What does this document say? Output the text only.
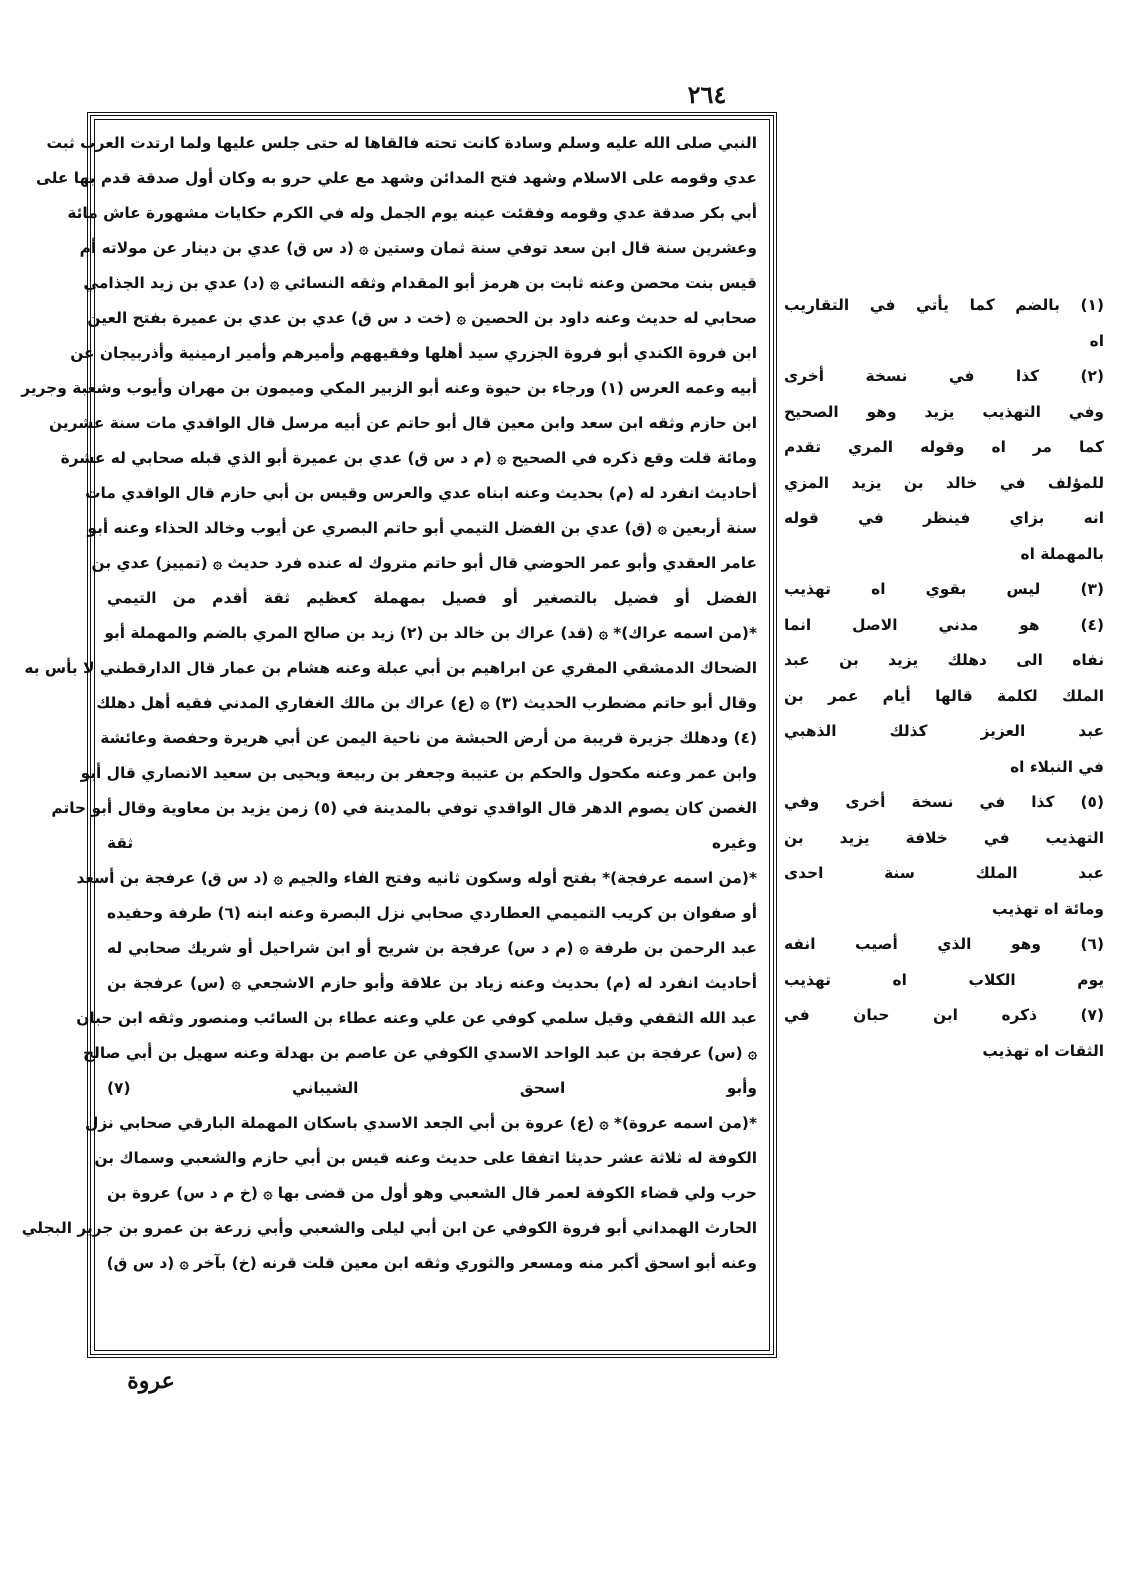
٢٦٤
النبي صلى الله عليه وسلم وسادة كانت تحته فالقاها له حتى جلس عليها ولما ارتدت العرب ثبت
عدي وقومه على الاسلام وشهد فتح المدائن وشهد مع علي حرو به وكان أول صدقة قدم بها على
أبي بكر صدقة عدي وقومه وفقئت عينه يوم الجمل وله في الكرم حكايات مشهورة عاش مائة
وعشرين سنة قال ابن سعد توفي سنة ثمان وستين ۞ (د س ق) عدي بن دينار عن مولاته أم
قيس بنت محصن وعنه ثابت بن هرمز أبو المقدام وثقه النسائي ۞ (د) عدي بن زيد الجذامي
صحابي له حديث وعنه داود بن الحصين ۞ (خت د س ق) عدي بن عدي بن عميرة بفتح العين
ابن فروة الكندي أبو فروة الجزري سيد أهلها وفقيههم وأميرهم وأمير ارمينية وأذربيجان عن
أبيه وعمه العرس (١) ورجاء بن حيوة وعنه أبو الزبير المكي وميمون بن مهران وأيوب وشعبة وجرير
ابن حازم وثقه ابن سعد وابن معين قال أبو حاتم عن أبيه مرسل قال الواقدي مات سنة عشرين
ومائة قلت وقع ذكره في الصحيح ۞ (م د س ق) عدي بن عميرة أبو الذي قبله صحابي له عشرة
أحاديث انفرد له (م) بحديث وعنه ابناه عدي والعرس وقيس بن أبي حازم قال الواقدي مات
سنة أربعين ۞ (ق) عدي بن الفضل التيمي أبو حاتم البصري عن أيوب وخالد الحذاء وعنه أبو
عامر العقدي وأبو عمر الحوضي قال أبو حاتم متروك له عنده فرد حديث ۞ (تمييز) عدي بن
الفضل أو فضيل بالتصغير أو فصيل بمهملة كعظيم ثقة أقدم من التيمي
*(من اسمه عراك)* ۞ (قد) عراك بن خالد بن (٢) زيد بن صالح المري بالضم والمهملة أبو
الضحاك الدمشقي المقري عن ابراهيم بن أبي عبلة وعنه هشام بن عمار قال الدارقطني لا بأس به
وقال أبو حاتم مضطرب الحديث (٣) ۞ (ع) عراك بن مالك الغفاري المدني فقيه أهل دهلك
(٤) ودهلك جزيرة قريبة من أرض الحبشة من ناحية اليمن عن أبي هريرة وحفصة وعائشة
وابن عمر وعنه مكحول والحكم بن عتيبة وجعفر بن ربيعة ويحيى بن سعيد الانصاري قال أبو
الغصن كان يصوم الدهر قال الواقدي توفي بالمدينة في (٥) زمن يزيد بن معاوية وقال أبو حاتم
وغيره ثقة
*(من اسمه عرفجة)* بفتح أوله وسكون ثانيه وفتح الفاء والجيم ۞ (د س ق) عرفجة بن أسعد
أو صفوان بن كريب التميمي العطاردي صحابي نزل البصرة وعنه ابنه (٦) طرفة وحفيده
عبد الرحمن بن طرفة ۞ (م د س) عرفجة بن شريح أو ابن شراحيل أو شريك صحابي له
أحاديث انفرد له (م) بحديث وعنه زياد بن علاقة وأبو حازم الاشجعي ۞ (س) عرفجة بن
عبد الله الثقفي وقيل سلمي كوفي عن علي وعنه عطاء بن السائب ومنصور وثقه ابن حبان
۞ (س) عرفجة بن عبد الواحد الاسدي الكوفي عن عاصم بن بهدلة وعنه سهيل بن أبي صالح
وأبو اسحق الشيباني (٧)
*(من اسمه عروة)* ۞ (ع) عروة بن أبي الجعد الاسدي باسكان المهملة البارقي صحابي نزل
الكوفة له ثلاثة عشر حديثا اتفقا على حديث وعنه قيس بن أبي حازم والشعبي وسماك بن
حرب ولي قضاء الكوفة لعمر قال الشعبي وهو أول من قضى بها ۞ (خ م د س) عروة بن
الحارث الهمداني أبو فروة الكوفي عن ابن أبي ليلى والشعبي وأبي زرعة بن عمرو بن جرير البجلي
وعنه أبو اسحق أكبر منه ومسعر والثوري وثقه ابن معين قلت قرنه (خ) بآخر ۞ (د س ق)
(١) بالضم كما يأتي في التقاريب
اه
(٢) كذا في نسخة أخرى
وفي التهذيب يزيد وهو الصحيح
كما مر اه وقوله المري تقدم
للمؤلف في خالد بن يزيد المزي
انه بزاي فينظر في قوله
بالمهملة اه
(٣) ليس بقوي اه تهذيب
(٤) هو مدني الاصل انما
نفاه الى دهلك يزيد بن عبد
الملك لكلمة قالها أيام عمر بن
عبد العزيز كذلك الذهبي
في النبلاء اه
(٥) كذا في نسخة أخرى وفي
التهذيب في خلافة يزيد بن
عبد الملك سنة احدى
ومائة اه تهذيب
(٦) وهو الذي أصيب انفه
يوم الكلاب اه تهذيب
(٧) ذكره ابن حبان في
الثقات اه تهذيب
عروة
